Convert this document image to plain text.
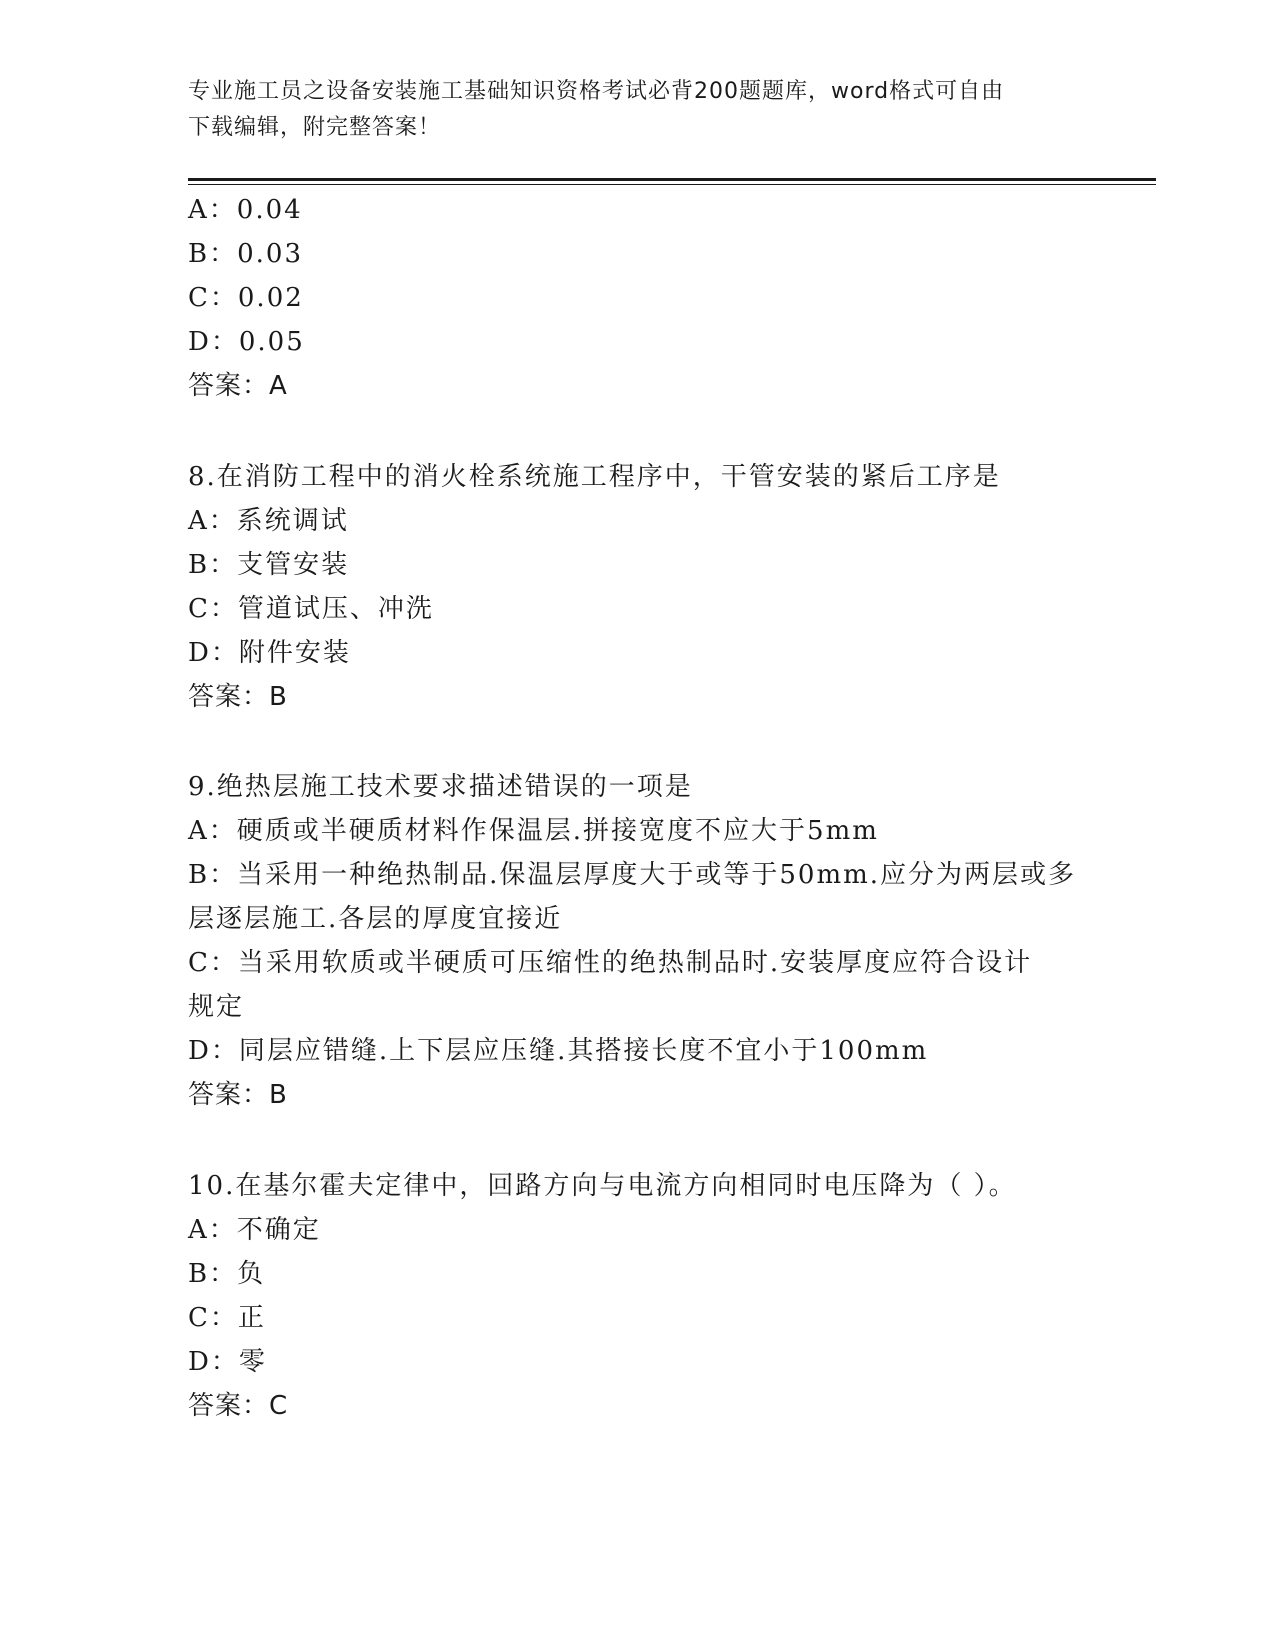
专业施工员之设备安装施工基础知识资格考试必背200题题库，word格式可自由
下载编辑，附完整答案！
A：0.04
B：0.03
C：0.02
D：0.05
答案：A
8.在消防工程中的消火栓系统施工程序中，干管安装的紧后工序是
A：系统调试
B：支管安装
C：管道试压、冲洗
D：附件安装
答案：B
9.绝热层施工技术要求描述错误的一项是
A：硬质或半硬质材料作保温层.拼接宽度不应大于5mm
B：当采用一种绝热制品.保温层厚度大于或等于50mm.应分为两层或多
层逐层施工.各层的厚度宜接近
C：当采用软质或半硬质可压缩性的绝热制品时.安装厚度应符合设计
规定
D：同层应错缝.上下层应压缝.其搭接长度不宜小于100mm
答案：B
10.在基尔霍夫定律中，回路方向与电流方向相同时电压降为（ ）。
A：不确定
B：负
C：正
D：零
答案：C
